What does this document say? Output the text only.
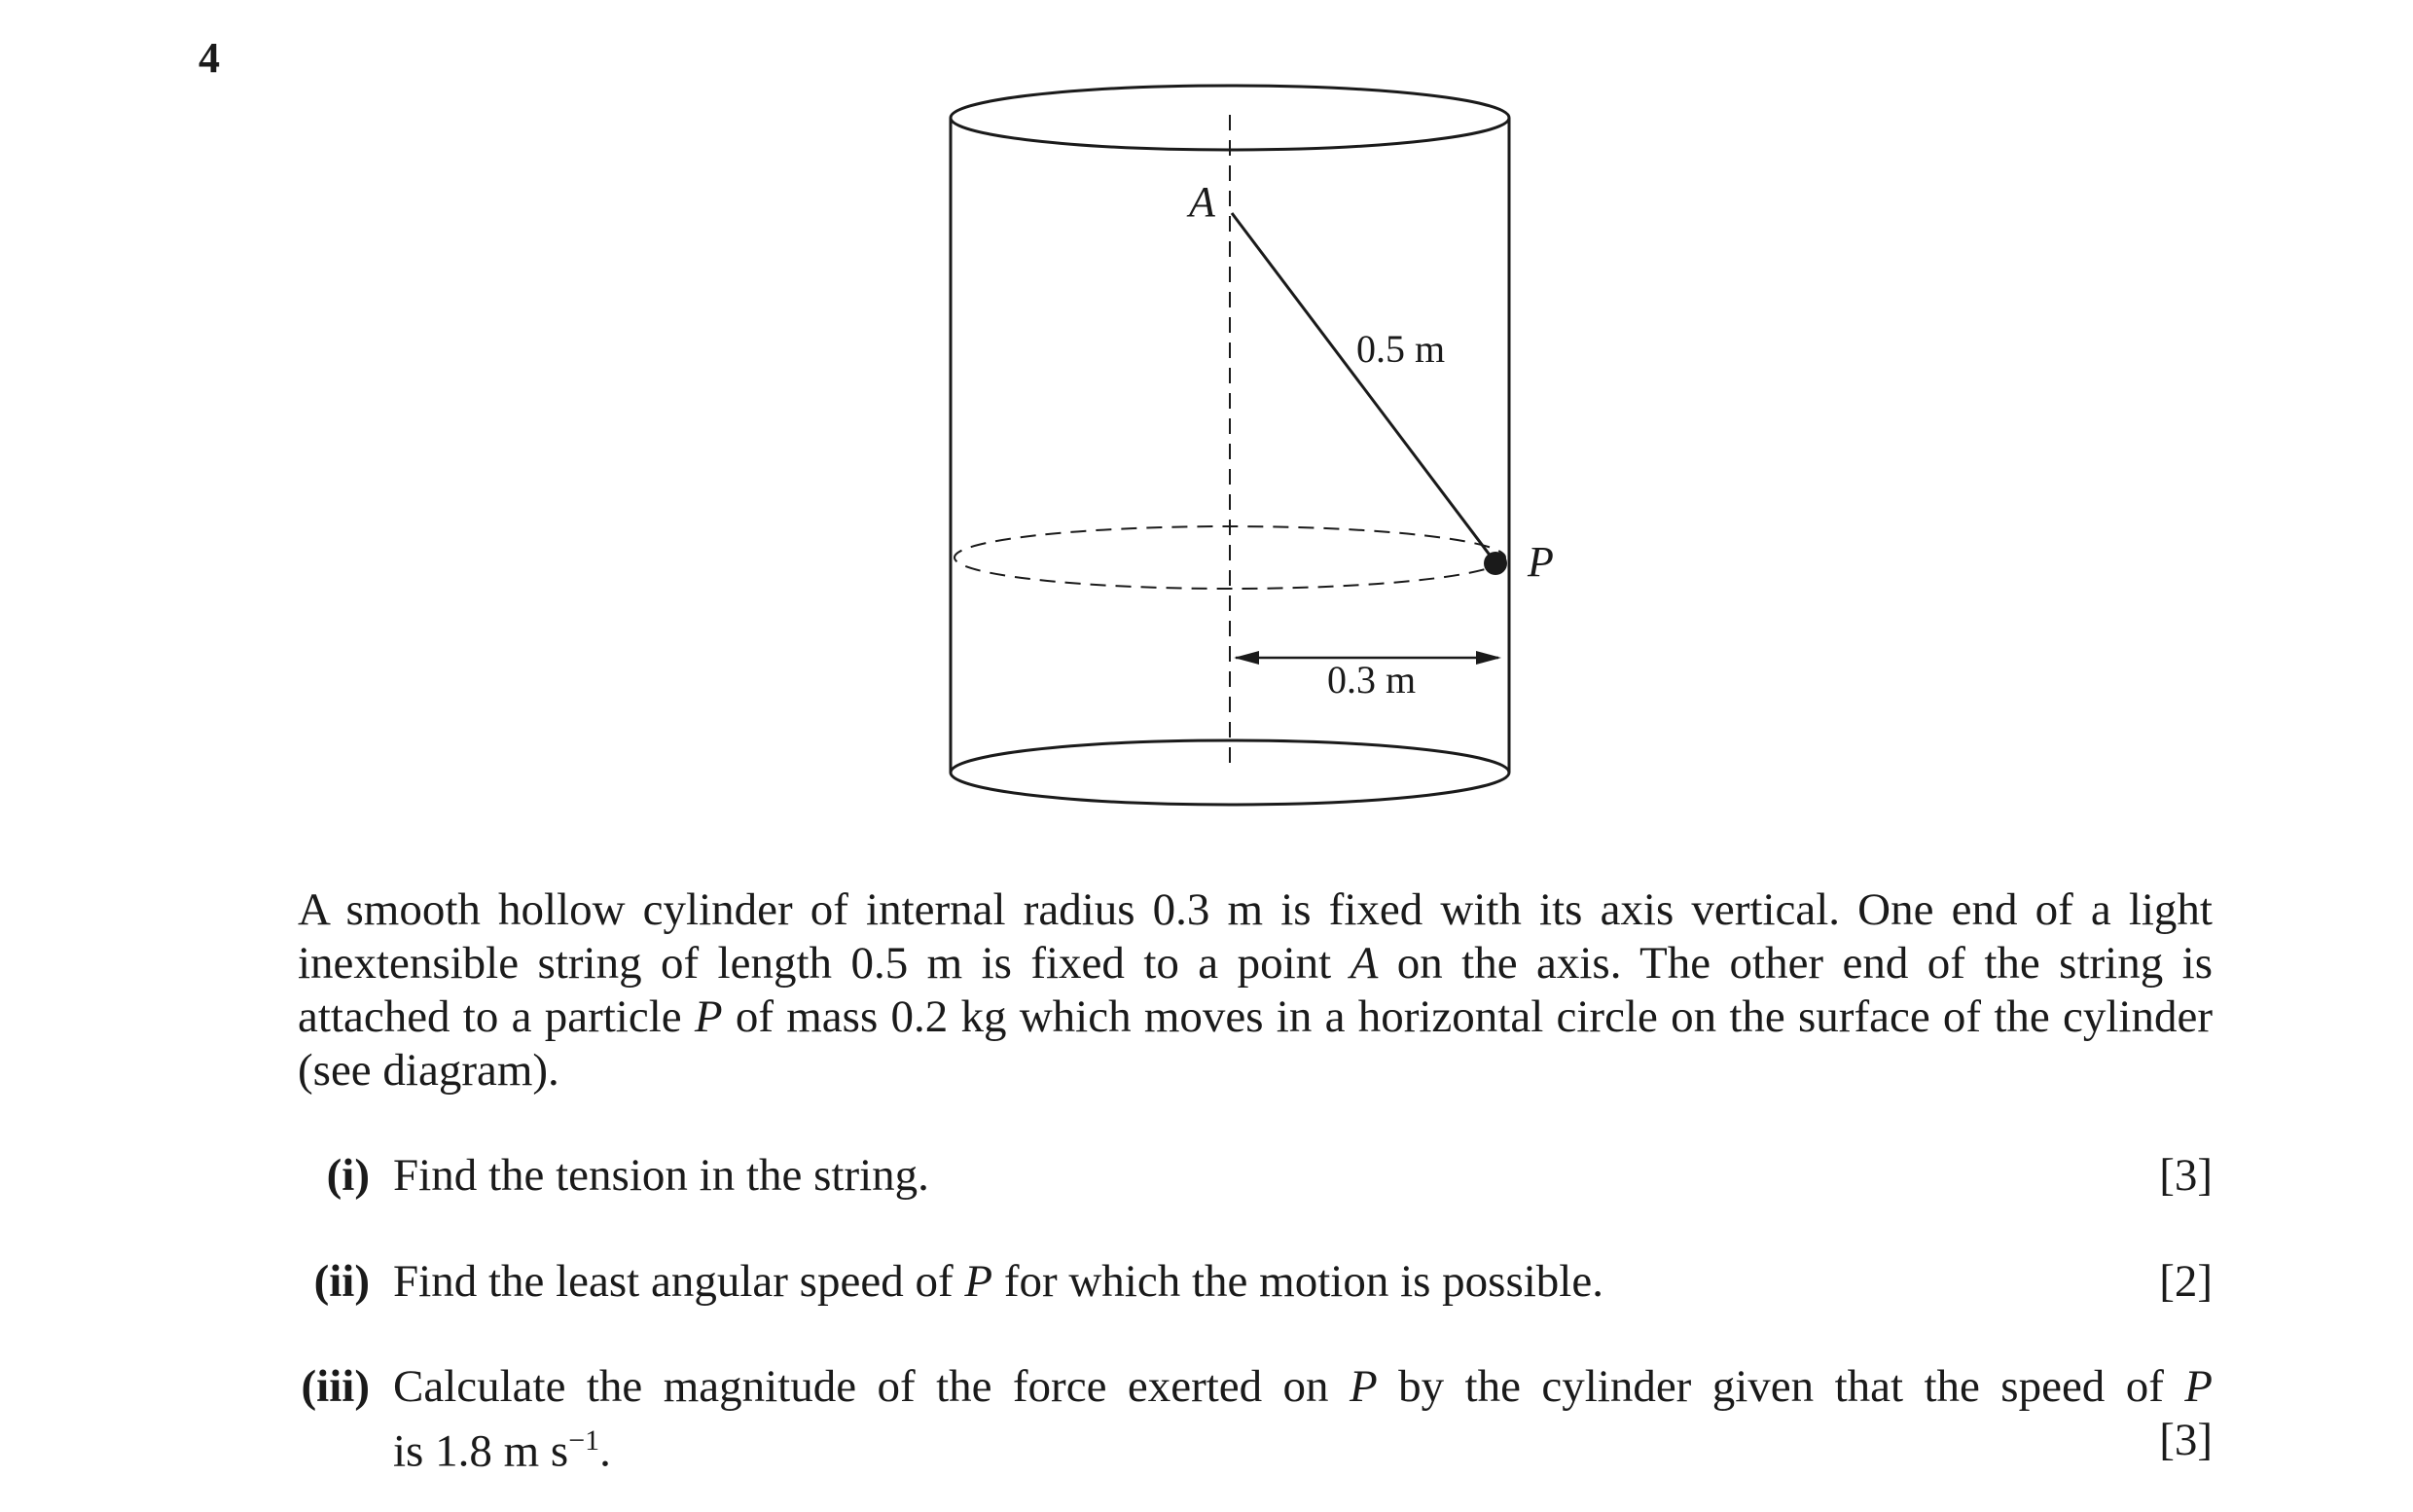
4
A
P
0.5 m
0.3 m

A smooth hollow cylinder of internal radius 0.3 m is fixed with its axis vertical. One end of a light inextensible string of length 0.5 m is fixed to a point A on the axis. The other end of the string is attached to a particle P of mass 0.2 kg which moves in a horizontal circle on the surface of the cylinder (see diagram).

(i) Find the tension in the string.	[3]
(ii) Find the least angular speed of P for which the motion is possible.	[2]
(iii) Calculate the magnitude of the force exerted on P by the cylinder given that the speed of P
is 1.8 m $s^{-1}$.	[3]
